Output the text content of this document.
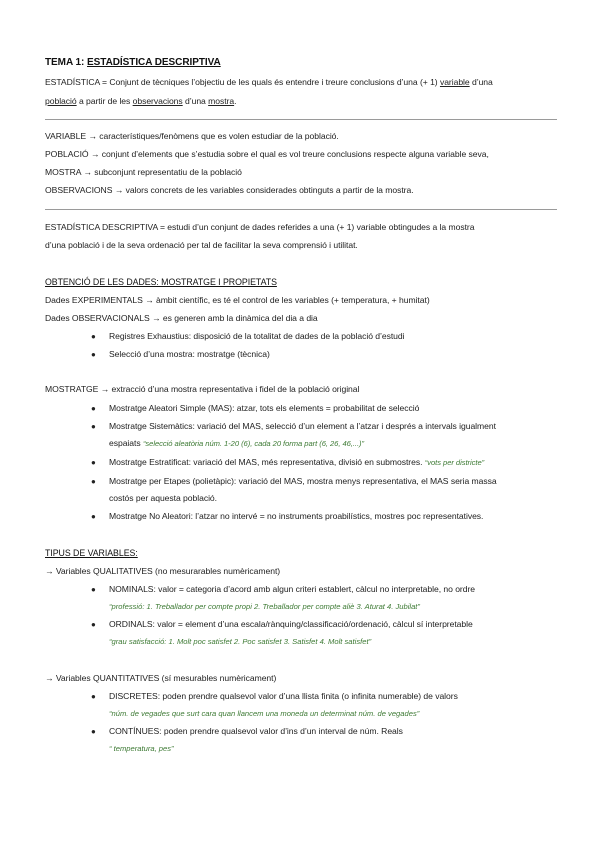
TEMA 1: ESTADÍSTICA DESCRIPTIVA
ESTADÍSTICA = Conjunt de tècniques l’objectiu de les quals és entendre i treure conclusions d’una (+ 1) variable d’una
població a partir de les observacions d’una mostra.
VARIABLE → característiques/fenòmens que es volen estudiar de la població.
POBLACIÓ → conjunt d’elements que s’estudia sobre el qual es vol treure conclusions respecte alguna variable seva,
MOSTRA → subconjunt representatiu de la població
OBSERVACIONS → valors concrets de les variables considerades obtinguts a partir de la mostra.
ESTADÍSTICA DESCRIPTIVA = estudi d’un conjunt de dades referides a una (+ 1) variable obtingudes a la mostra
d’una població i de la seva ordenació per tal de facilitar la seva comprensió i utilitat.
OBTENCIÓ DE LES DADES: MOSTRATGE I PROPIETATS
Dades EXPERIMENTALS → àmbit científic, es té el control de les variables (+ temperatura, + humitat)
Dades OBSERVACIONALS → es generen amb la dinàmica del dia a dia
● Registres Exhaustius: disposició de la totalitat de dades de la població d’estudi
● Selecció d’una mostra: mostratge (tècnica)
MOSTRATGE → extracció d’una mostra representativa i fidel de la població original
● Mostratge Aleatori Simple (MAS): atzar, tots els elements = probabilitat de selecció
● Mostratge Sistemàtics: variació del MAS, selecció d’un element a l’atzar i després a intervals igualment
espaiats “selecció aleatòria núm. 1-20 (6), cada 20 forma part (6, 26, 46,...)”
● Mostratge Estratificat: variació del MAS, més representativa, divisió en submostres. “vots per districte”
● Mostratge per Etapes (polietàpic): variació del MAS, mostra menys representativa, el MAS seria massa
costós per aquesta població.
● Mostratge No Aleatori: l’atzar no intervé = no instruments proabilístics, mostres poc representatives.
TIPUS DE VARIABLES:
→ Variables QUALITATIVES (no mesurarables numèricament)
● NOMINALS: valor = categoria d’acord amb algun criteri establert, càlcul no interpretable, no ordre
“professió: 1. Treballador per compte propi 2. Treballador per compte aliè 3. Aturat 4. Jubilat”
● ORDINALS: valor = element d’una escala/rànquing/classificació/ordenació, càlcul sí interpretable
“grau satisfacció: 1. Molt poc satisfet 2. Poc satisfet 3. Satisfet 4. Molt satisfet”
→ Variables QUANTITATIVES (sí mesurables numèricament)
● DISCRETES: poden prendre qualsevol valor d’una llista finita (o infinita numerable) de valors
“núm. de vegades que surt cara quan llancem una moneda un determinat núm. de vegades”
● CONTÍNUES: poden prendre qualsevol valor d’ins d’un interval de núm. Reals
“ temperatura, pes”
